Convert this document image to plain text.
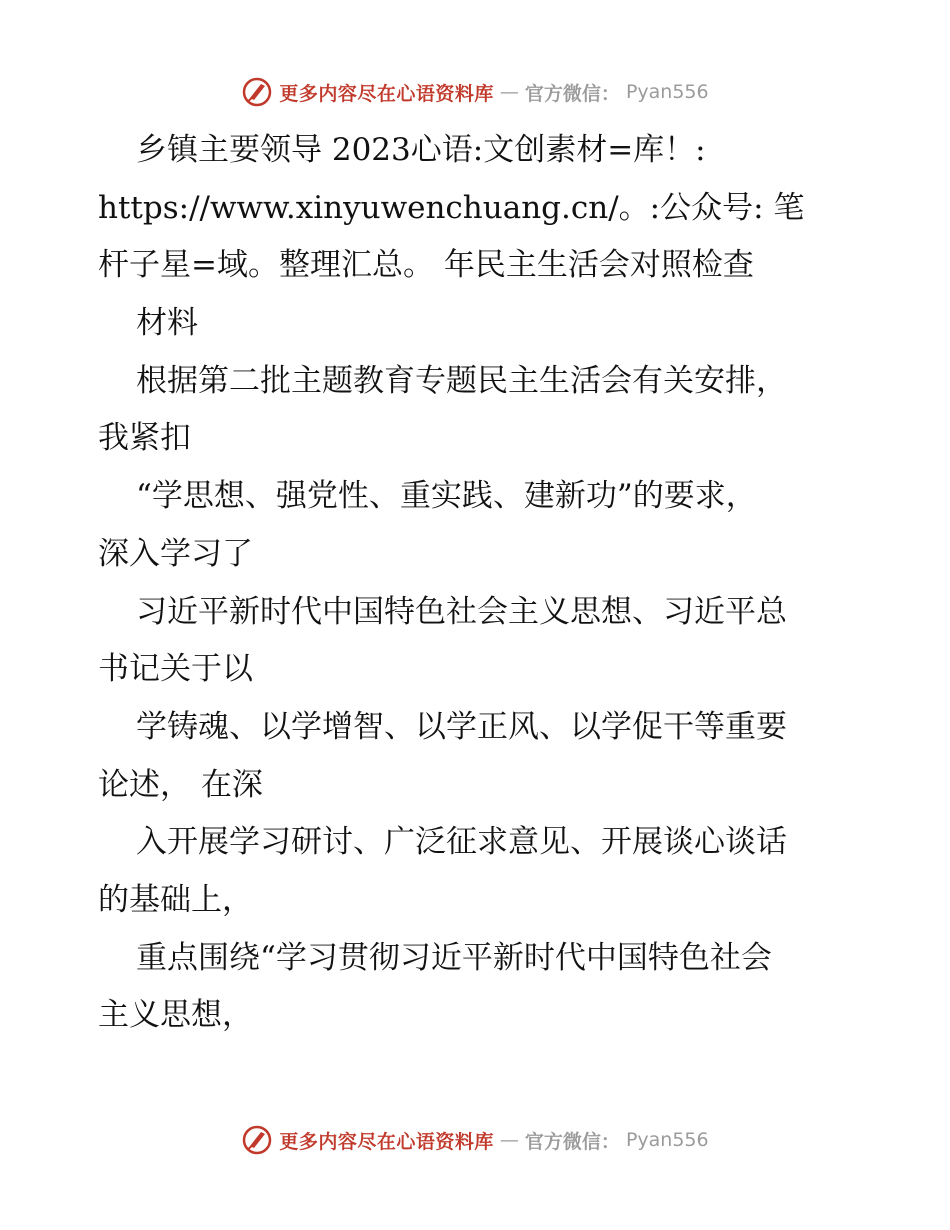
更多内容尽在心语资料库 — 官方微信： Pyan556
乡镇主要领导 2023心语:文创素材=库！:
https://www.xinyuwenchuang.cn/。:公众号: 笔
杆子星=域。整理汇总。 年民主生活会对照检查
材料
根据第二批主题教育专题民主生活会有关安排，
我紧扣
“学思想、强党性、重实践、建新功”的要求，
深入学习了
习近平新时代中国特色社会主义思想、习近平总
书记关于以
学铸魂、以学增智、以学正风、以学促干等重要
论述， 在深
入开展学习研讨、广泛征求意见、开展谈心谈话
的基础上，
重点围绕“学习贯彻习近平新时代中国特色社会
主义思想，
更多内容尽在心语资料库 — 官方微信： Pyan556
